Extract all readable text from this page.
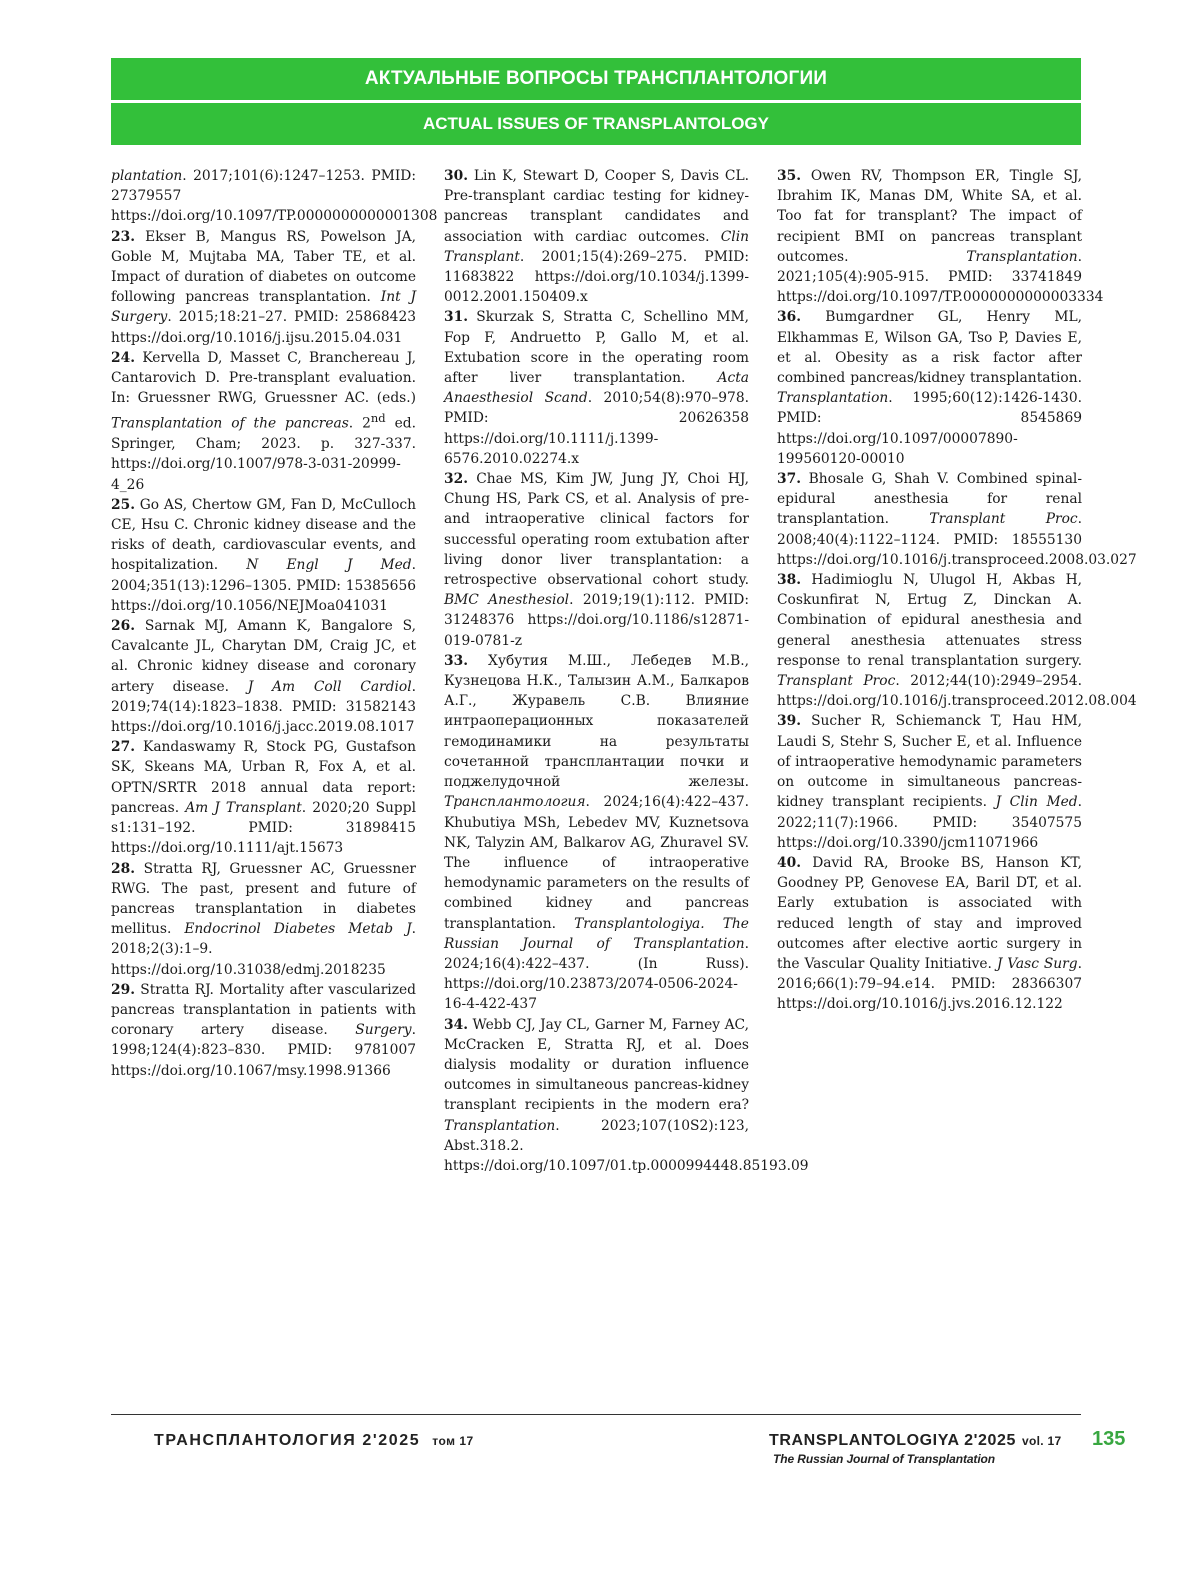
АКТУАЛЬНЫЕ ВОПРОСЫ ТРАНСПЛАНТОЛОГИИ
ACTUAL ISSUES OF TRANSPLANTOLOGY

plantation. 2017;101(6):1247–1253. PMID: 27379557 https://doi.org/10.1097/TP.0000000000001308

23. Ekser B, Mangus RS, Powelson JA, Goble M, Mujtaba MA, Taber TE, et al. Impact of duration of diabetes on outcome following pancreas transplantation. Int J Surgery. 2015;18:21–27. PMID: 25868423 https://doi.org/10.1016/j.ijsu.2015.04.031

24. Kervella D, Masset C, Branchereau J, Cantarovich D. Pre-transplant evaluation. In: Gruessner RWG, Gruessner AC. (eds.) Transplantation of the pancreas. 2nd ed. Springer, Cham; 2023. p. 327-337. https://doi.org/10.1007/978-3-031-20999-4_26

25. Go AS, Chertow GM, Fan D, McCulloch CE, Hsu C. Chronic kidney disease and the risks of death, cardiovascular events, and hospitalization. N Engl J Med. 2004;351(13):1296–1305. PMID: 15385656 https://doi.org/10.1056/NEJMoa041031

26. Sarnak MJ, Amann K, Bangalore S, Cavalcante JL, Charytan DM, Craig JC, et al. Chronic kidney disease and coronary artery disease. J Am Coll Cardiol. 2019;74(14):1823–1838. PMID: 31582143 https://doi.org/10.1016/j.jacc.2019.08.1017

27. Kandaswamy R, Stock PG, Gustafson SK, Skeans MA, Urban R, Fox A, et al. OPTN/SRTR 2018 annual data report: pancreas. Am J Transplant. 2020;20 Suppl s1:131–192. PMID: 31898415 https://doi.org/10.1111/ajt.15673

28. Stratta RJ, Gruessner AC, Gruessner RWG. The past, present and future of pancreas transplantation in diabetes mellitus. Endocrinol Diabetes Metab J. 2018;2(3):1–9. https://doi.org/10.31038/edmj.2018235

29. Stratta RJ. Mortality after vascularized pancreas transplantation in patients with coronary artery disease. Surgery. 1998;124(4):823–830. PMID: 9781007 https://doi.org/10.1067/msy.1998.91366

30. Lin K, Stewart D, Cooper S, Davis CL. Pre-transplant cardiac testing for kidney-pancreas transplant candidates and association with cardiac outcomes. Clin Transplant. 2001;15(4):269–275. PMID: 11683822 https://doi.org/10.1034/j.1399-0012.2001.150409.x

31. Skurzak S, Stratta C, Schellino MM, Fop F, Andruetto P, Gallo M, et al. Extubation score in the operating room after liver transplantation. Acta Anaesthesiol Scand. 2010;54(8):970–978. PMID: 20626358 https://doi.org/10.1111/j.1399-6576.2010.02274.x

32. Chae MS, Kim JW, Jung JY, Choi HJ, Chung HS, Park CS, et al. Analysis of pre- and intraoperative clinical factors for successful operating room extubation after living donor liver transplantation: a retrospective observational cohort study. BMC Anesthesiol. 2019;19(1):112. PMID: 31248376 https://doi.org/10.1186/s12871-019-0781-z

33. Хубутия М.Ш., Лебедев М.В., Кузнецова Н.К., Талызин А.М., Балкаров А.Г., Журавель С.В. Влияние интраоперационных показателей гемодинамики на результаты сочетанной трансплантации почки и поджелудочной железы. Трансплантология. 2024;16(4):422–437. Khubutiya MSh, Lebedev MV, Kuznetsova NK, Talyzin AM, Balkarov AG, Zhuravel SV. The influence of intraoperative hemodynamic parameters on the results of combined kidney and pancreas transplantation. Transplantologiya. The Russian Journal of Transplantation. 2024;16(4):422–437. (In Russ). https://doi.org/10.23873/2074-0506-2024-16-4-422-437

34. Webb CJ, Jay CL, Garner M, Farney AC, McCracken E, Stratta RJ, et al. Does dialysis modality or duration influence outcomes in simultaneous pancreas-kidney transplant recipients in the modern era? Transplantation. 2023;107(10S2):123, Abst.318.2. https://doi.org/10.1097/01.tp.0000994448.85193.09

35. Owen RV, Thompson ER, Tingle SJ, Ibrahim IK, Manas DM, White SA, et al. Too fat for transplant? The impact of recipient BMI on pancreas transplant outcomes. Transplantation. 2021;105(4):905-915. PMID: 33741849 https://doi.org/10.1097/TP.0000000000003334

36. Bumgardner GL, Henry ML, Elkhammas E, Wilson GA, Tso P, Davies E, et al. Obesity as a risk factor after combined pancreas/kidney transplantation. Transplantation. 1995;60(12):1426-1430. PMID: 8545869 https://doi.org/10.1097/00007890-199560120-00010

37. Bhosale G, Shah V. Combined spinal-epidural anesthesia for renal transplantation. Transplant Proc. 2008;40(4):1122–1124. PMID: 18555130 https://doi.org/10.1016/j.transproceed.2008.03.027

38. Hadimioglu N, Ulugol H, Akbas H, Coskunfirat N, Ertug Z, Dinckan A. Combination of epidural anesthesia and general anesthesia attenuates stress response to renal transplantation surgery. Transplant Proc. 2012;44(10):2949–2954. https://doi.org/10.1016/j.transproceed.2012.08.004

39. Sucher R, Schiemanck T, Hau HM, Laudi S, Stehr S, Sucher E, et al. Influence of intraoperative hemodynamic parameters on outcome in simultaneous pancreas-kidney transplant recipients. J Clin Med. 2022;11(7):1966. PMID: 35407575 https://doi.org/10.3390/jcm11071966

40. David RA, Brooke BS, Hanson KT, Goodney PP, Genovese EA, Baril DT, et al. Early extubation is associated with reduced length of stay and improved outcomes after elective aortic surgery in the Vascular Quality Initiative. J Vasc Surg. 2016;66(1):79–94.e14. PMID: 28366307 https://doi.org/10.1016/j.jvs.2016.12.122

ТРАНСПЛАНТОЛОГИЯ 2'2025 том 17	TRANSPLANTOLOGIYA 2'2025 vol. 17
The Russian Journal of Transplantation
135
